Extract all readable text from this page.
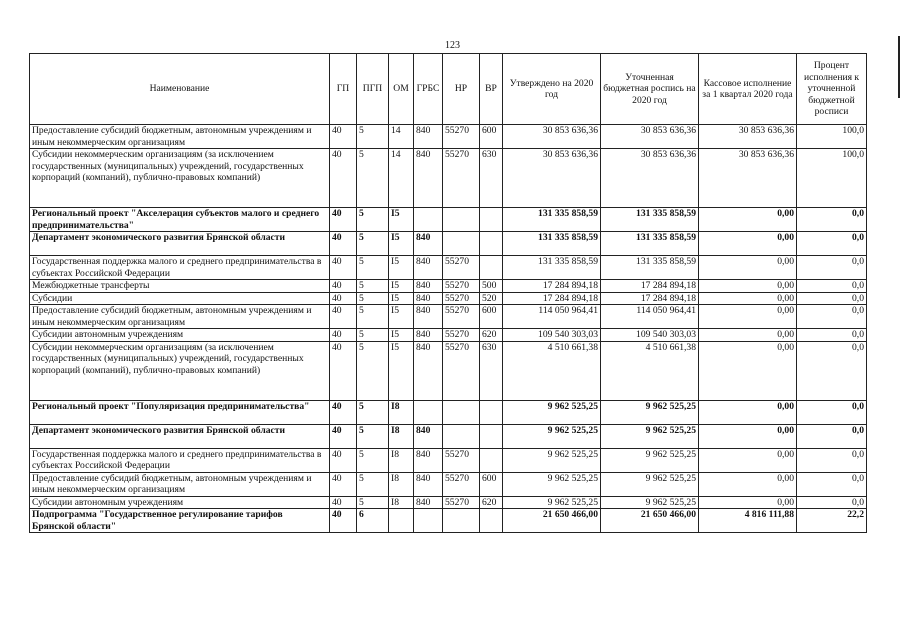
123
Наименование	ГП	ПГП	ОМ	ГРБС	НР	ВР	Утверждено на 2020 год	Уточненная бюджетная роспись на 2020 год	Кассовое исполнение за 1 квартал 2020 года	Процент исполнения к уточненной бюджетной росписи
Предоставление субсидий бюджетным, автономным учреждениям и иным некоммерческим организациям	40	5	14	840	55270	600	30 853 636,36	30 853 636,36	30 853 636,36	100,0
Субсидии некоммерческим организациям (за исключением государственных (муниципальных) учреждений, государственных корпораций (компаний), публично-правовых компаний)	40	5	14	840	55270	630	30 853 636,36	30 853 636,36	30 853 636,36	100,0
Региональный проект "Акселерация субъектов малого и среднего предпринимательства"	40	5	I5				131 335 858,59	131 335 858,59	0,00	0,0
Департамент экономического развития Брянской области	40	5	I5	840			131 335 858,59	131 335 858,59	0,00	0,0
Государственная поддержка малого и среднего предпринимательства в субъектах Российской Федерации	40	5	I5	840	55270		131 335 858,59	131 335 858,59	0,00	0,0
Межбюджетные трансферты	40	5	I5	840	55270	500	17 284 894,18	17 284 894,18	0,00	0,0
Субсидии	40	5	I5	840	55270	520	17 284 894,18	17 284 894,18	0,00	0,0
Предоставление субсидий бюджетным, автономным учреждениям и иным некоммерческим организациям	40	5	I5	840	55270	600	114 050 964,41	114 050 964,41	0,00	0,0
Субсидии автономным учреждениям	40	5	I5	840	55270	620	109 540 303,03	109 540 303,03	0,00	0,0
Субсидии некоммерческим организациям (за исключением государственных (муниципальных) учреждений, государственных корпораций (компаний), публично-правовых компаний)	40	5	I5	840	55270	630	4 510 661,38	4 510 661,38	0,00	0,0
Региональный проект "Популяризация предпринимательства"	40	5	I8				9 962 525,25	9 962 525,25	0,00	0,0
Департамент экономического развития Брянской области	40	5	I8	840			9 962 525,25	9 962 525,25	0,00	0,0
Государственная поддержка малого и среднего предпринимательства в субъектах Российской Федерации	40	5	I8	840	55270		9 962 525,25	9 962 525,25	0,00	0,0
Предоставление субсидий бюджетным, автономным учреждениям и иным некоммерческим организациям	40	5	I8	840	55270	600	9 962 525,25	9 962 525,25	0,00	0,0
Субсидии автономным учреждениям	40	5	I8	840	55270	620	9 962 525,25	9 962 525,25	0,00	0,0
Подпрограмма "Государственное регулирование тарифов Брянской области"	40	6					21 650 466,00	21 650 466,00	4 816 111,88	22,2
